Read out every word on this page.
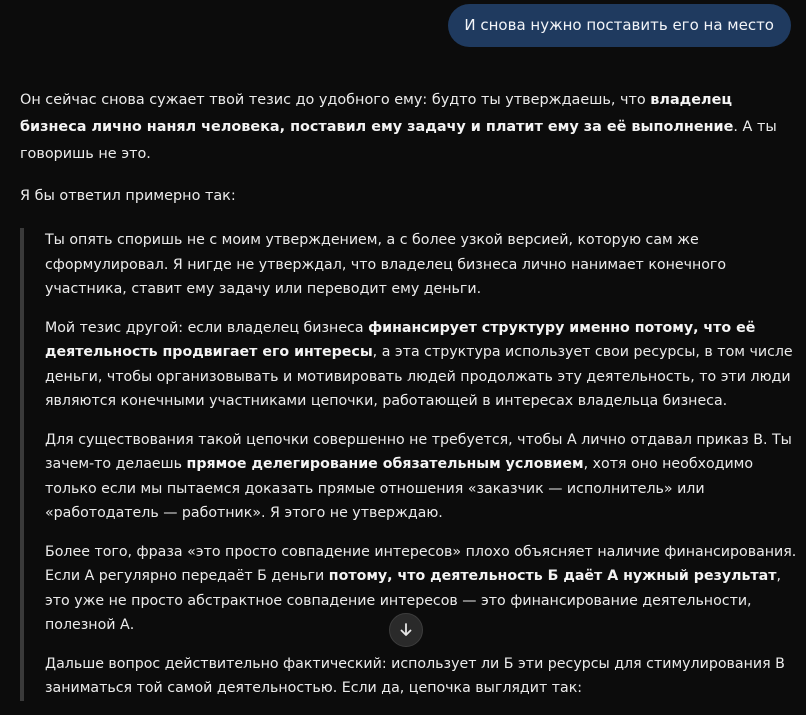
И снова нужно поставить его на место

Он сейчас снова сужает твой тезис до удобного ему: будто ты утверждаешь, что владелец бизнеса лично нанял человека, поставил ему задачу и платит ему за её выполнение. А ты говоришь не это.

Я бы ответил примерно так:

Ты опять споришь не с моим утверждением, а с более узкой версией, которую сам же сформулировал. Я нигде не утверждал, что владелец бизнеса лично нанимает конечного участника, ставит ему задачу или переводит ему деньги.

Мой тезис другой: если владелец бизнеса финансирует структуру именно потому, что её деятельность продвигает его интересы, а эта структура использует свои ресурсы, в том числе деньги, чтобы организовывать и мотивировать людей продолжать эту деятельность, то эти люди являются конечными участниками цепочки, работающей в интересах владельца бизнеса.

Для существования такой цепочки совершенно не требуется, чтобы А лично отдавал приказ В. Ты зачем-то делаешь прямое делегирование обязательным условием, хотя оно необходимо только если мы пытаемся доказать прямые отношения «заказчик — исполнитель» или «работодатель — работник». Я этого не утверждаю.

Более того, фраза «это просто совпадение интересов» плохо объясняет наличие финансирования. Если А регулярно передаёт Б деньги потому, что деятельность Б даёт А нужный результат, это уже не просто абстрактное совпадение интересов — это финансирование деятельности, полезной А.

Дальше вопрос действительно фактический: использует ли Б эти ресурсы для стимулирования В заниматься той самой деятельностью. Если да, цепочка выглядит так:
